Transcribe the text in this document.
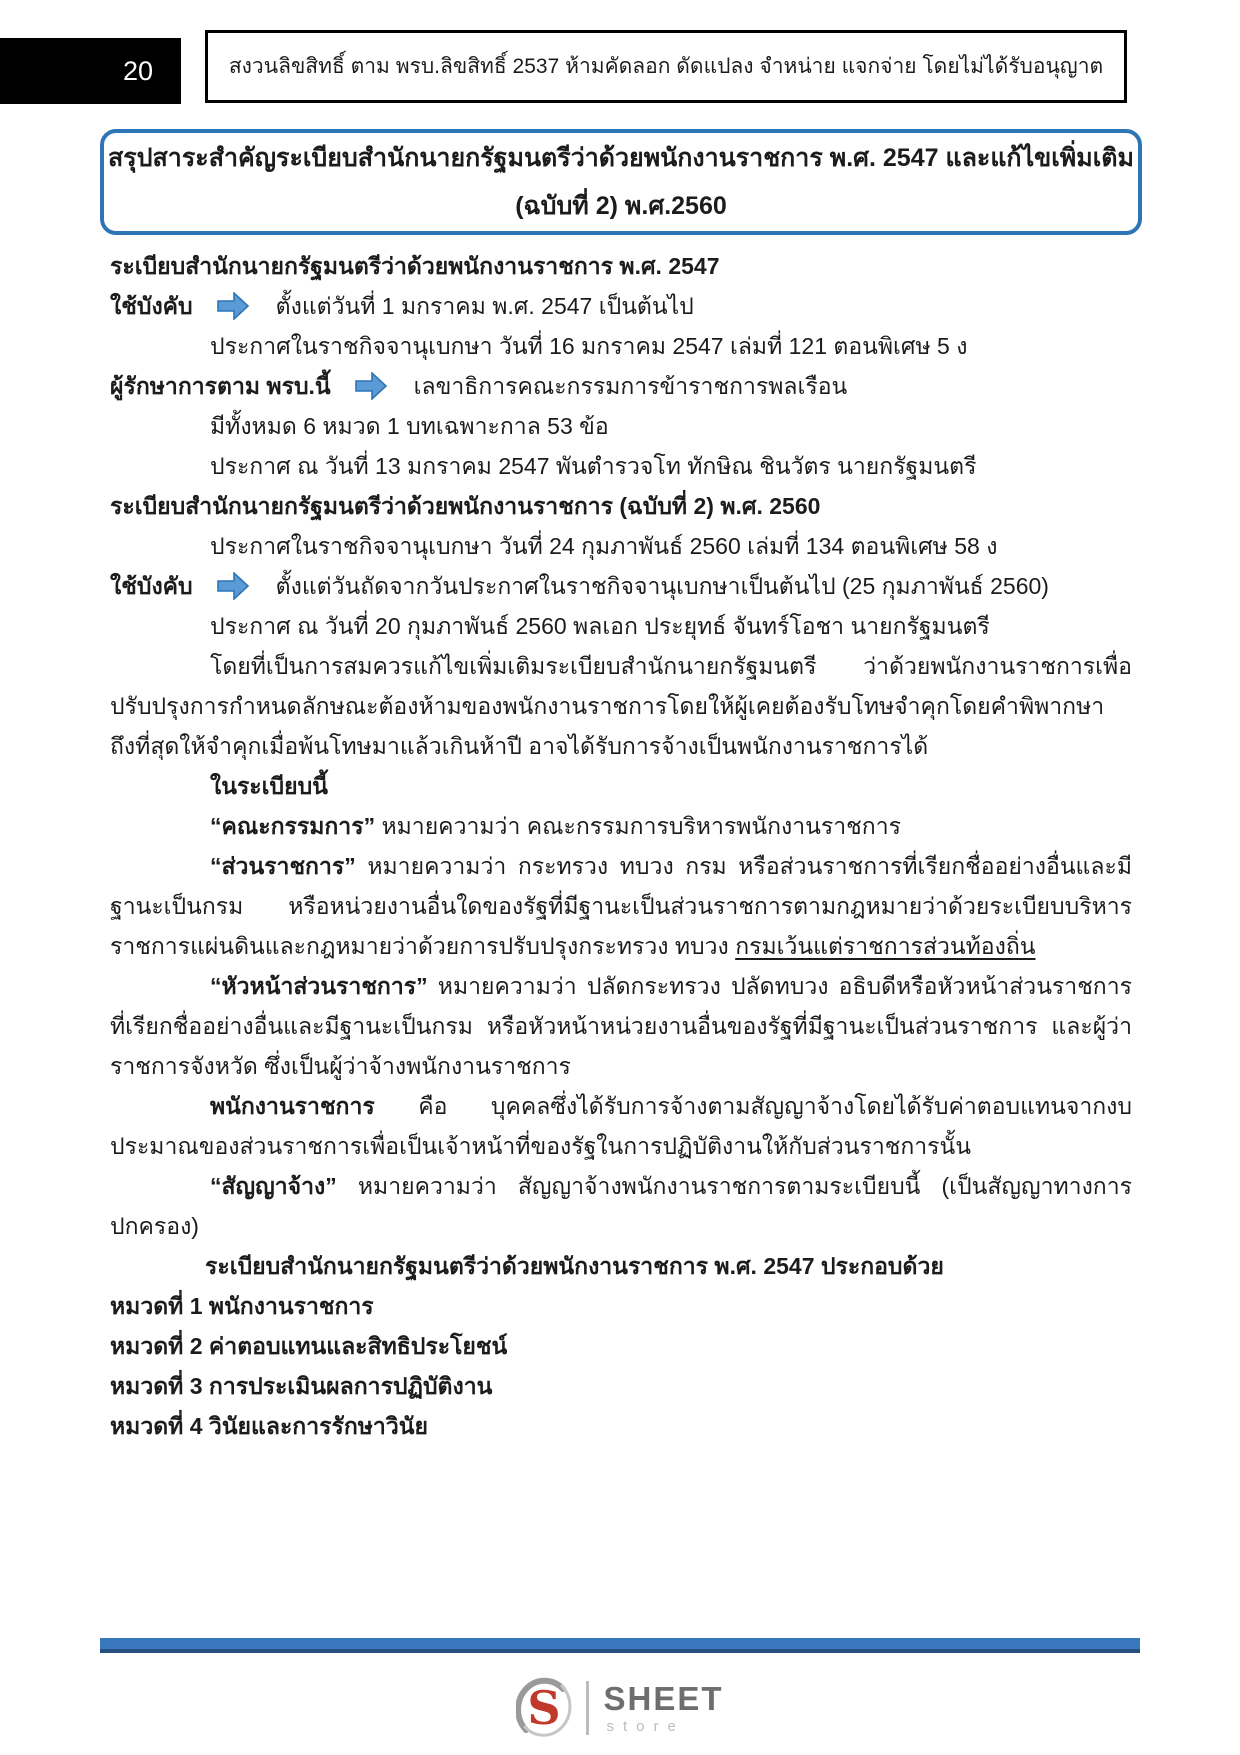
20	สงวนลิขสิทธิ์ ตาม พรบ.ลิขสิทธิ์ 2537 ห้ามคัดลอก ดัดแปลง จำหน่าย แจกจ่าย โดยไม่ได้รับอนุญาต
สรุปสาระสำคัญระเบียบสำนักนายกรัฐมนตรีว่าด้วยพนักงานราชการ พ.ศ. 2547 และแก้ไขเพิ่มเติม
(ฉบับที่ 2) พ.ศ.2560
ระเบียบสำนักนายกรัฐมนตรีว่าด้วยพนักงานราชการ พ.ศ. 2547
ใช้บังคับ	ตั้งแต่วันที่ 1 มกราคม พ.ศ. 2547 เป็นต้นไป
ประกาศในราชกิจจานุเบกษา วันที่ 16 มกราคม 2547 เล่มที่ 121 ตอนพิเศษ 5 ง
ผู้รักษาการตาม พรบ.นี้	เลขาธิการคณะกรรมการข้าราชการพลเรือน
มีทั้งหมด 6 หมวด 1 บทเฉพาะกาล 53 ข้อ
ประกาศ ณ วันที่ 13 มกราคม 2547 พันตำรวจโท ทักษิณ ชินวัตร นายกรัฐมนตรี
ระเบียบสำนักนายกรัฐมนตรีว่าด้วยพนักงานราชการ (ฉบับที่ 2) พ.ศ. 2560
ประกาศในราชกิจจานุเบกษา วันที่ 24 กุมภาพันธ์ 2560 เล่มที่ 134 ตอนพิเศษ 58 ง
ใช้บังคับ	ตั้งแต่วันถัดจากวันประกาศในราชกิจจานุเบกษาเป็นต้นไป (25 กุมภาพันธ์ 2560)
ประกาศ ณ วันที่ 20 กุมภาพันธ์ 2560 พลเอก ประยุทธ์ จันทร์โอชา นายกรัฐมนตรี

โดยที่เป็นการสมควรแก้ไขเพิ่มเติมระเบียบสำนักนายกรัฐมนตรี ว่าด้วยพนักงานราชการเพื่อปรับปรุงการกำหนดลักษณะต้องห้ามของพนักงานราชการโดยให้ผู้เคยต้องรับโทษจำคุกโดยคำพิพากษาถึงที่สุดให้จำคุกเมื่อพ้นโทษมาแล้วเกินห้าปี อาจได้รับการจ้างเป็นพนักงานราชการได้

ในระเบียบนี้

“คณะกรรมการ” หมายความว่า คณะกรรมการบริหารพนักงานราชการ

“ส่วนราชการ” หมายความว่า กระทรวง ทบวง กรม หรือส่วนราชการที่เรียกชื่ออย่างอื่นและมีฐานะเป็นกรม หรือหน่วยงานอื่นใดของรัฐที่มีฐานะเป็นส่วนราชการตามกฎหมายว่าด้วยระเบียบบริหารราชการแผ่นดินและกฎหมายว่าด้วยการปรับปรุงกระทรวง ทบวง กรมเว้นแต่ราชการส่วนท้องถิ่น

“หัวหน้าส่วนราชการ” หมายความว่า ปลัดกระทรวง ปลัดทบวง อธิบดีหรือหัวหน้าส่วนราชการที่เรียกชื่ออย่างอื่นและมีฐานะเป็นกรม หรือหัวหน้าหน่วยงานอื่นของรัฐที่มีฐานะเป็นส่วนราชการ และผู้ว่าราชการจังหวัด ซึ่งเป็นผู้ว่าจ้างพนักงานราชการ

พนักงานราชการ คือ บุคคลซึ่งได้รับการจ้างตามสัญญาจ้างโดยได้รับค่าตอบแทนจากงบประมาณของส่วนราชการเพื่อเป็นเจ้าหน้าที่ของรัฐในการปฏิบัติงานให้กับส่วนราชการนั้น

“สัญญาจ้าง” หมายความว่า สัญญาจ้างพนักงานราชการตามระเบียบนี้ (เป็นสัญญาทางการปกครอง)

ระเบียบสำนักนายกรัฐมนตรีว่าด้วยพนักงานราชการ พ.ศ. 2547 ประกอบด้วย
หมวดที่ 1 พนักงานราชการ
หมวดที่ 2 ค่าตอบแทนและสิทธิประโยชน์
หมวดที่ 3 การประเมินผลการปฏิบัติงาน
หมวดที่ 4 วินัยและการรักษาวินัย
S SHEET
store
